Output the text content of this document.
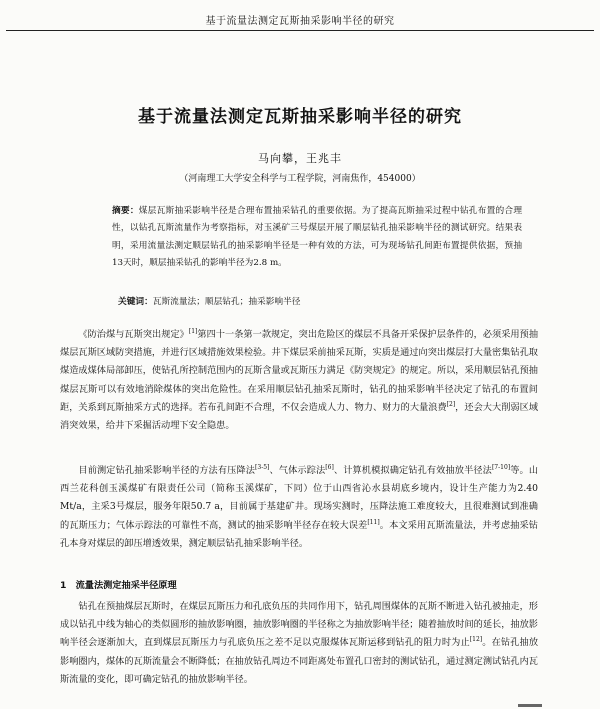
基于流量法测定瓦斯抽采影响半径的研究
基于流量法测定瓦斯抽采影响半径的研究
马向攀，王兆丰
（河南理工大学安全科学与工程学院，河南焦作，454000）
摘要：煤层瓦斯抽采影响半径是合理布置抽采钻孔的重要依据。为了提高瓦斯抽采过程中钻孔布置的合理性，以钻孔瓦斯流量作为考察指标，对玉溪矿三号煤层开展了顺层钻孔抽采影响半径的测试研究。结果表明，采用流量法测定顺层钻孔的抽采影响半径是一种有效的方法，可为现场钻孔间距布置提供依据，预抽13天时，顺层抽采钻孔的影响半径为2.8 m。
关键词：瓦斯流量法；顺层钻孔；抽采影响半径

《防治煤与瓦斯突出规定》[1]第四十一条第一款规定，突出危险区的煤层不具备开采保护层条件的，必须采用预抽煤层瓦斯区域防突措施，并进行区域措施效果检验。井下煤层采前抽采瓦斯，实质是通过向突出煤层打大量密集钻孔取煤造成煤体局部卸压，使钻孔所控制范围内的瓦斯含量或瓦斯压力满足《防突规定》的规定。所以，采用顺层钻孔预抽煤层瓦斯可以有效地消除煤体的突出危险性。在采用顺层钻孔抽采瓦斯时，钻孔的抽采影响半径决定了钻孔的布置间距，关系到瓦斯抽采方式的选择。若布孔间距不合理，不仅会造成人力、物力、财力的大量浪费[2]，还会大大削弱区域消突效果，给井下采掘活动埋下安全隐患。

目前测定钻孔抽采影响半径的方法有压降法[3-5]、气体示踪法[6]、计算机模拟确定钻孔有效抽放半径法[7-10]等。山西兰花科创玉溪煤矿有限责任公司（简称玉溪煤矿，下同）位于山西省沁水县胡底乡境内，设计生产能力为2.40 Mt/a，主采3号煤层，服务年限50.7 a，目前属于基建矿井。现场实测时，压降法施工难度较大，且很难测试到准确的瓦斯压力；气体示踪法的可靠性不高，测试的抽采影响半径存在较大误差[11]。本文采用瓦斯流量法，并考虑抽采钻孔本身对煤层的卸压增透效果，测定顺层钻孔抽采影响半径。

1　流量法测定抽采半径原理

钻孔在预抽煤层瓦斯时，在煤层瓦斯压力和孔底负压的共同作用下，钻孔周围煤体的瓦斯不断进入钻孔被抽走，形成以钻孔中线为轴心的类似圆形的抽放影响圈，抽放影响圈的半径称之为抽放影响半径；随着抽放时间的延长，抽放影响半径会逐渐加大，直到煤层瓦斯压力与孔底负压之差不足以克服煤体瓦斯运移到钻孔的阻力时为止[12]。在钻孔抽放影响圈内，煤体的瓦斯流量会不断降低；在抽放钻孔周边不同距离处布置孔口密封的测试钻孔，通过测定测试钻孔内瓦斯流量的变化，即可确定钻孔的抽放影响半径。
